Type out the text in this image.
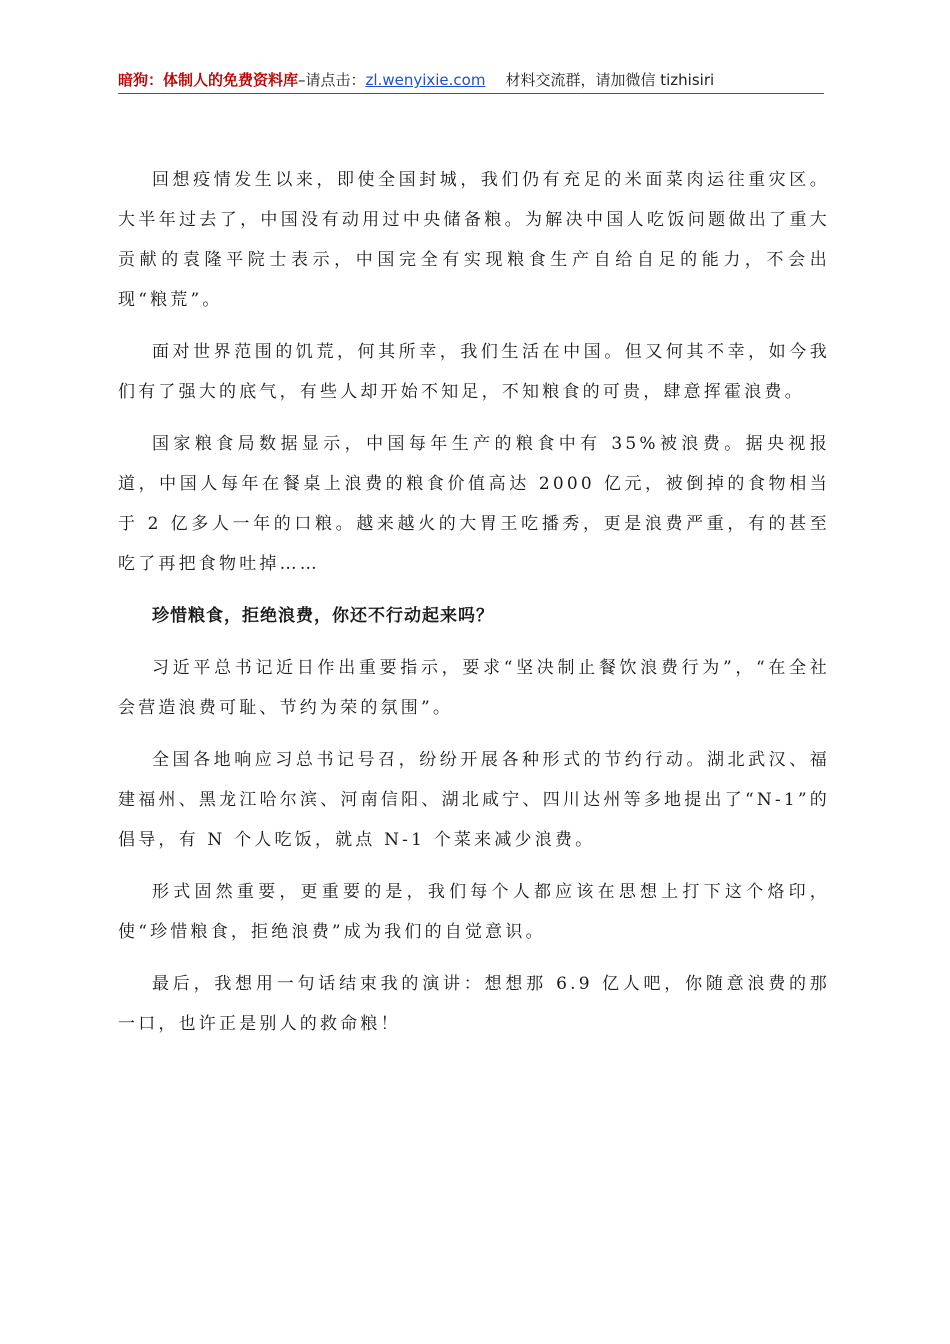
暗狗：体制人的免费资料库–请点击：zl.wenyixie.com 材料交流群，请加微信 tizhisiri

回想疫情发生以来，即使全国封城，我们仍有充足的米面菜肉运往重灾区。大半年过去了，中国没有动用过中央储备粮。为解决中国人吃饭问题做出了重大贡献的袁隆平院士表示，中国完全有实现粮食生产自给自足的能力，不会出现“粮荒”。

面对世界范围的饥荒，何其所幸，我们生活在中国。但又何其不幸，如今我们有了强大的底气，有些人却开始不知足，不知粮食的可贵，肆意挥霍浪费。

国家粮食局数据显示，中国每年生产的粮食中有 35%被浪费。据央视报道，中国人每年在餐桌上浪费的粮食价值高达 2000 亿元，被倒掉的食物相当于 2 亿多人一年的口粮。越来越火的大胃王吃播秀，更是浪费严重，有的甚至吃了再把食物吐掉……

珍惜粮食，拒绝浪费，你还不行动起来吗？

习近平总书记近日作出重要指示，要求“坚决制止餐饮浪费行为”，“在全社会营造浪费可耻、节约为荣的氛围”。

全国各地响应习总书记号召，纷纷开展各种形式的节约行动。湖北武汉、福建福州、黑龙江哈尔滨、河南信阳、湖北咸宁、四川达州等多地提出了“N-1”的倡导，有 N 个人吃饭，就点 N-1 个菜来减少浪费。

形式固然重要，更重要的是，我们每个人都应该在思想上打下这个烙印，使“珍惜粮食，拒绝浪费”成为我们的自觉意识。

最后，我想用一句话结束我的演讲：想想那 6.9 亿人吧，你随意浪费的那一口，也许正是别人的救命粮！
